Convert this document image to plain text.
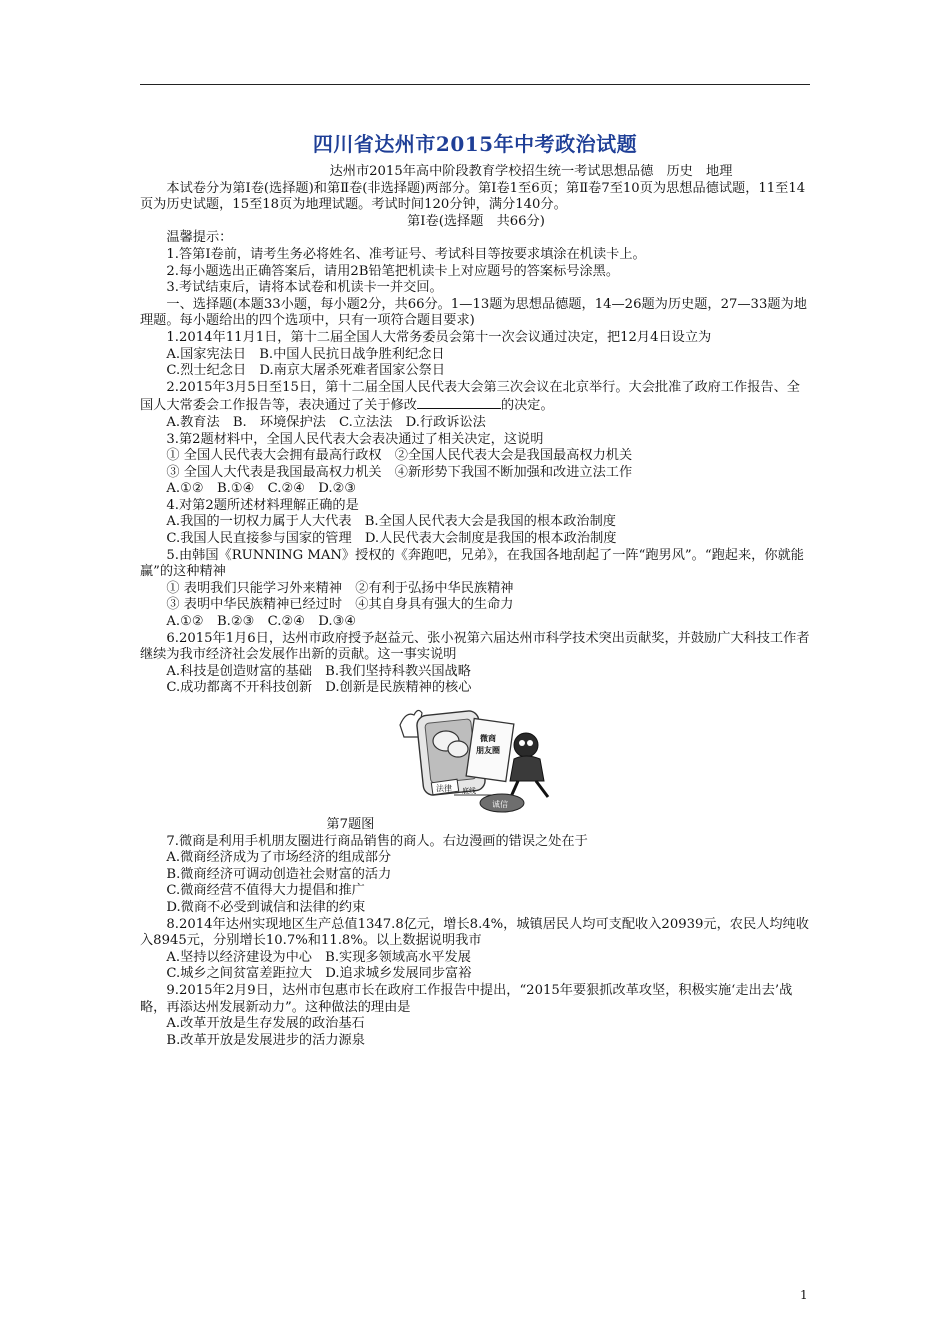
四川省达州市2015年中考政治试题

达州市2015年高中阶段教育学校招生统一考试思想品德　历史　地理

本试卷分为第Ⅰ卷(选择题)和第Ⅱ卷(非选择题)两部分。第Ⅰ卷1至6页；第Ⅱ卷7至10页为思想品德试题，11至14页为历史试题，15至18页为地理试题。考试时间120分钟，满分140分。

第Ⅰ卷(选择题　共66分)

温馨提示：

1.答第Ⅰ卷前，请考生务必将姓名、准考证号、考试科目等按要求填涂在机读卡上。

2.每小题选出正确答案后，请用2B铅笔把机读卡上对应题号的答案标号涂黑。

3.考试结束后，请将本试卷和机读卡一并交回。

一、选择题(本题33小题，每小题2分，共66分。1—13题为思想品德题，14—26题为历史题，27—33题为地理题。每小题给出的四个选项中，只有一项符合题目要求)

1.2014年11月1日，第十二届全国人大常务委员会第十一次会议通过决定，把12月4日设立为

A.国家宪法日　B.中国人民抗日战争胜利纪念日

C.烈士纪念日　D.南京大屠杀死难者国家公祭日

2.2015年3月5日至15日，第十二届全国人民代表大会第三次会议在北京举行。大会批准了政府工作报告、全国人大常委会工作报告等，表决通过了关于修改	的决定。

A.教育法　B.　环境保护法　C.立法法　D.行政诉讼法

3.第2题材料中，全国人民代表大会表决通过了相关决定，这说明

① 全国人民代表大会拥有最高行政权　②全国人民代表大会是我国最高权力机关

③ 全国人大代表是我国最高权力机关　④新形势下我国不断加强和改进立法工作

A.①②　B.①④　C.②④　D.②③

4.对第2题所述材料理解正确的是

A.我国的一切权力属于人大代表　B.全国人民代表大会是我国的根本政治制度

C.我国人民直接参与国家的管理　D.人民代表大会制度是我国的根本政治制度

5.由韩国《RUNNING MAN》授权的《奔跑吧，兄弟》，在我国各地刮起了一阵“跑男风”。“跑起来，你就能赢”的这种精神

① 表明我们只能学习外来精神　②有利于弘扬中华民族精神

③ 表明中华民族精神已经过时　④其自身具有强大的生命力

A.①②　B.②③　C.②④　D.③④

6.2015年1月6日，达州市政府授予赵益元、张小祝第六届达州市科学技术突出贡献奖，并鼓励广大科技工作者继续为我市经济社会发展作出新的贡献。这一事实说明

A.科技是创造财富的基础　B.我们坚持科教兴国战略

C.成功都离不开科技创新　D.创新是民族精神的核心

法律
微商
朋友圈
底线
诚信

第7题图

7.微商是利用手机朋友圈进行商品销售的商人。右边漫画的错误之处在于

A.微商经济成为了市场经济的组成部分

B.微商经济可调动创造社会财富的活力

C.微商经营不值得大力提倡和推广

D.微商不必受到诚信和法律的约束

8.2014年达州实现地区生产总值1347.8亿元，增长8.4%，城镇居民人均可支配收入20939元，农民人均纯收入8945元，分别增长10.7%和11.8%。以上数据说明我市

A.坚持以经济建设为中心　B.实现多领域高水平发展

C.城乡之间贫富差距拉大　D.追求城乡发展同步富裕

9.2015年2月9日，达州市包惠市长在政府工作报告中提出，“2015年要狠抓改革攻坚，积极实施‘走出去’战略，再添达州发展新动力”。这种做法的理由是

A.改革开放是生存发展的政治基石

B.改革开放是发展进步的活力源泉

1
